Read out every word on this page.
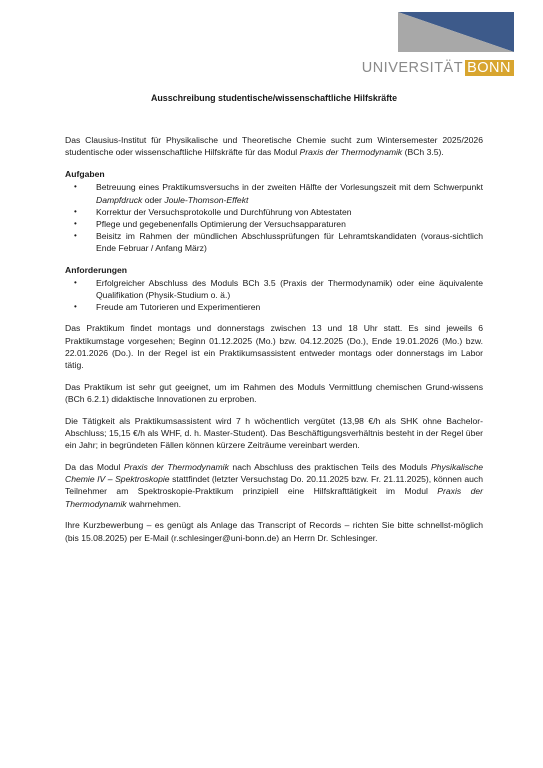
UNIVERSITÄT BONN
Ausschreibung studentische/wissenschaftliche Hilfskräfte

Das Clausius-Institut für Physikalische und Theoretische Chemie sucht zum Wintersemester 2025/2026 studentische oder wissenschaftliche Hilfskräfte für das Modul Praxis der Thermodynamik (BCh 3.5).

Aufgaben
• Betreuung eines Praktikumsversuchs in der zweiten Hälfte der Vorlesungszeit mit dem Schwerpunkt Dampfdruck oder Joule-Thomson-Effekt
• Korrektur der Versuchsprotokolle und Durchführung von Abtestaten
• Pflege und gegebenenfalls Optimierung der Versuchsapparaturen
• Beisitz im Rahmen der mündlichen Abschlussprüfungen für Lehramtskandidaten (voraus-sichtlich Ende Februar / Anfang März)
Anforderungen
• Erfolgreicher Abschluss des Moduls BCh 3.5 (Praxis der Thermodynamik) oder eine äquivalente Qualifikation (Physik-Studium o. ä.)
• Freude am Tutorieren und Experimentieren

Das Praktikum findet montags und donnerstags zwischen 13 und 18 Uhr statt. Es sind jeweils 6 Praktikumstage vorgesehen; Beginn 01.12.2025 (Mo.) bzw. 04.12.2025 (Do.), Ende 19.01.2026 (Mo.) bzw. 22.01.2026 (Do.). In der Regel ist ein Praktikumsassistent entweder montags oder donnerstags im Labor tätig.

Das Praktikum ist sehr gut geeignet, um im Rahmen des Moduls Vermittlung chemischen Grund-wissens (BCh 6.2.1) didaktische Innovationen zu erproben.

Die Tätigkeit als Praktikumsassistent wird 7 h wöchentlich vergütet (13,98 €/h als SHK ohne Bachelor-Abschluss; 15,15 €/h als WHF, d. h. Master-Student). Das Beschäftigungsverhältnis besteht in der Regel über ein Jahr; in begründeten Fällen können kürzere Zeiträume vereinbart werden.

Da das Modul Praxis der Thermodynamik nach Abschluss des praktischen Teils des Moduls Physikalische Chemie IV – Spektroskopie stattfindet (letzter Versuchstag Do. 20.11.2025 bzw. Fr. 21.11.2025), können auch Teilnehmer am Spektroskopie-Praktikum prinzipiell eine Hilfskrafttätigkeit im Modul Praxis der Thermodynamik wahrnehmen.

Ihre Kurzbewerbung – es genügt als Anlage das Transcript of Records – richten Sie bitte schnellst-möglich (bis 15.08.2025) per E-Mail (r.schlesinger@uni-bonn.de) an Herrn Dr. Schlesinger.
